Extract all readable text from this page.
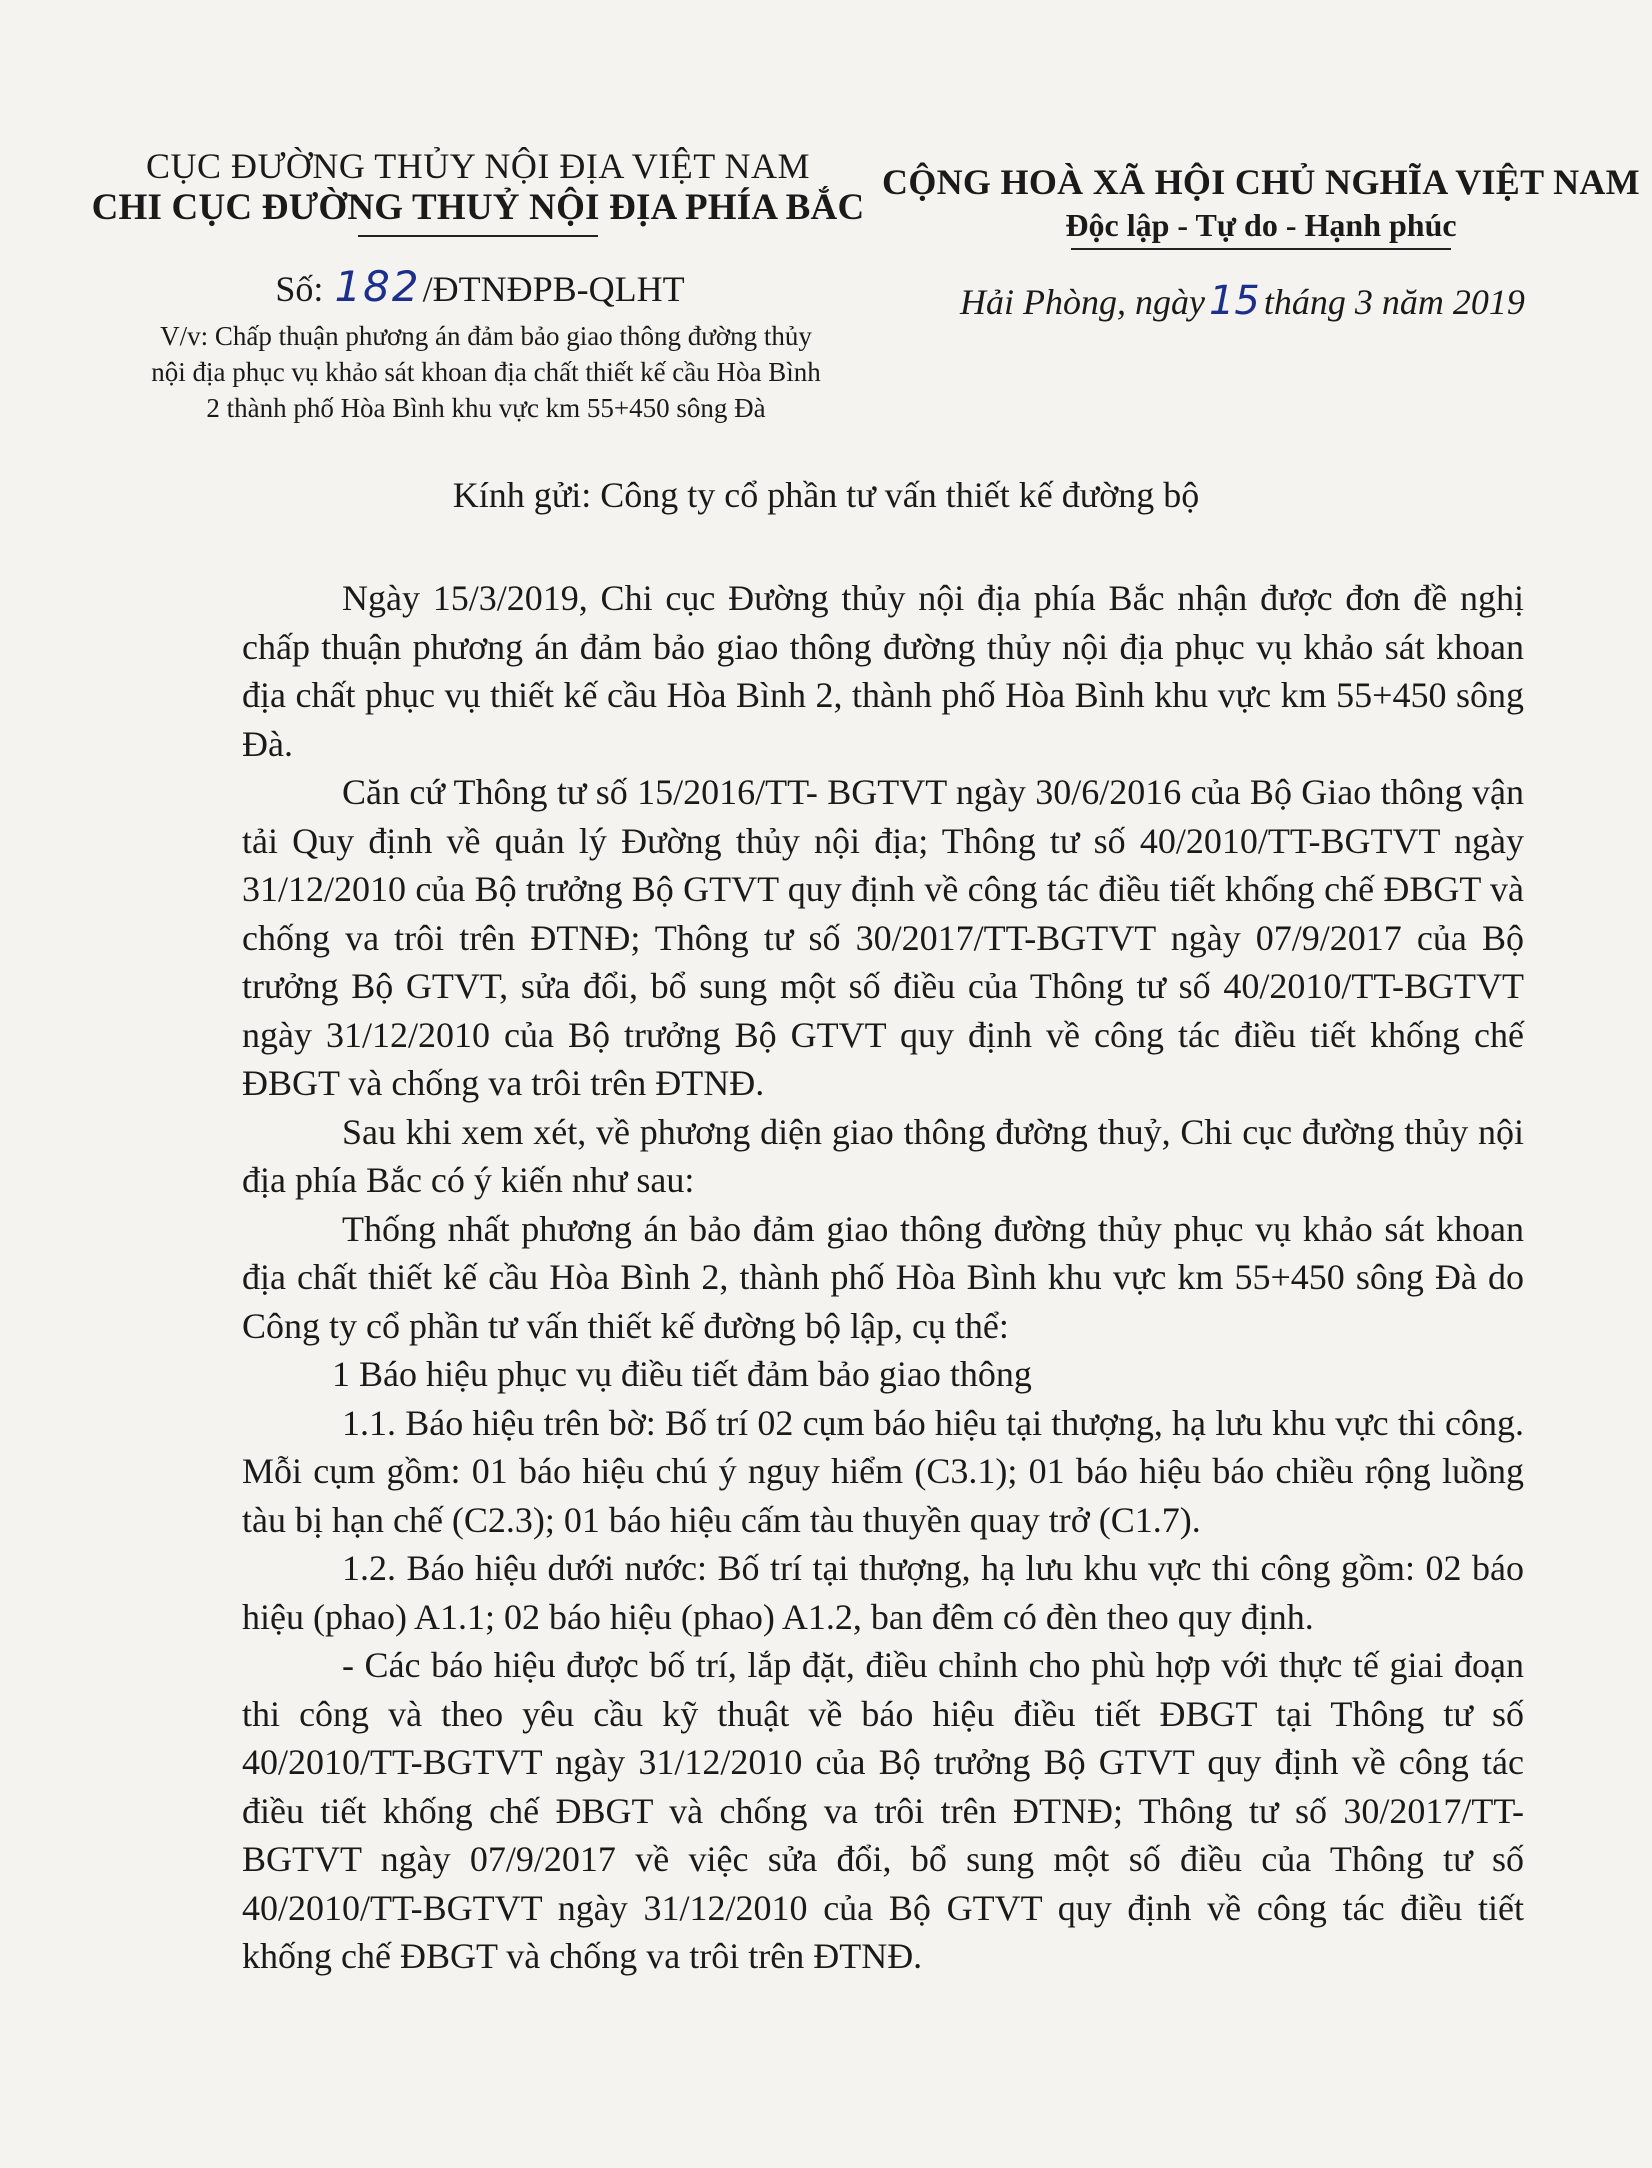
CỤC ĐƯỜNG THỦY NỘI ĐỊA VIỆT NAM
CHI CỤC ĐƯỜNG THUỶ NỘI ĐỊA PHÍA BẮC
CỘNG HOÀ XÃ HỘI CHỦ NGHĨA VIỆT NAM
Độc lập - Tự do - Hạnh phúc
Số: 182/ĐTNĐPB-QLHT	Hải Phòng, ngày 15 tháng 3 năm 2019
V/v: Chấp thuận phương án đảm bảo giao thông đường thủy
nội địa phục vụ khảo sát khoan địa chất thiết kế cầu Hòa Bình
2 thành phố Hòa Bình khu vực km 55+450 sông Đà
Kính gửi: Công ty cổ phần tư vấn thiết kế đường bộ

Ngày 15/3/2019, Chi cục Đường thủy nội địa phía Bắc nhận được đơn đề nghị chấp thuận phương án đảm bảo giao thông đường thủy nội địa phục vụ khảo sát khoan địa chất phục vụ thiết kế cầu Hòa Bình 2, thành phố Hòa Bình khu vực km 55+450 sông Đà.

Căn cứ Thông tư số 15/2016/TT- BGTVT ngày 30/6/2016 của Bộ Giao thông vận tải Quy định về quản lý Đường thủy nội địa; Thông tư số 40/2010/TT-BGTVT ngày 31/12/2010 của Bộ trưởng Bộ GTVT quy định về công tác điều tiết khống chế ĐBGT và chống va trôi trên ĐTNĐ; Thông tư số 30/2017/TT-BGTVT ngày 07/9/2017 của Bộ trưởng Bộ GTVT, sửa đổi, bổ sung một số điều của Thông tư số 40/2010/TT-BGTVT ngày 31/12/2010 của Bộ trưởng Bộ GTVT quy định về công tác điều tiết khống chế ĐBGT và chống va trôi trên ĐTNĐ.

Sau khi xem xét, về phương diện giao thông đường thuỷ, Chi cục đường thủy nội địa phía Bắc có ý kiến như sau:

Thống nhất phương án bảo đảm giao thông đường thủy phục vụ khảo sát khoan địa chất thiết kế cầu Hòa Bình 2, thành phố Hòa Bình khu vực km 55+450 sông Đà do Công ty cổ phần tư vấn thiết kế đường bộ lập, cụ thể:

1 Báo hiệu phục vụ điều tiết đảm bảo giao thông

1.1. Báo hiệu trên bờ: Bố trí 02 cụm báo hiệu tại thượng, hạ lưu khu vực thi công. Mỗi cụm gồm: 01 báo hiệu chú ý nguy hiểm (C3.1); 01 báo hiệu báo chiều rộng luồng tàu bị hạn chế (C2.3); 01 báo hiệu cấm tàu thuyền quay trở (C1.7).

1.2. Báo hiệu dưới nước: Bố trí tại thượng, hạ lưu khu vực thi công gồm: 02 báo hiệu (phao) A1.1; 02 báo hiệu (phao) A1.2, ban đêm có đèn theo quy định.

- Các báo hiệu được bố trí, lắp đặt, điều chỉnh cho phù hợp với thực tế giai đoạn thi công và theo yêu cầu kỹ thuật về báo hiệu điều tiết ĐBGT tại Thông tư số 40/2010/TT-BGTVT ngày 31/12/2010 của Bộ trưởng Bộ GTVT quy định về công tác điều tiết khống chế ĐBGT và chống va trôi trên ĐTNĐ; Thông tư số 30/2017/TT-BGTVT ngày 07/9/2017 về việc sửa đổi, bổ sung một số điều của Thông tư số 40/2010/TT-BGTVT ngày 31/12/2010 của Bộ GTVT quy định về công tác điều tiết khống chế ĐBGT và chống va trôi trên ĐTNĐ.
